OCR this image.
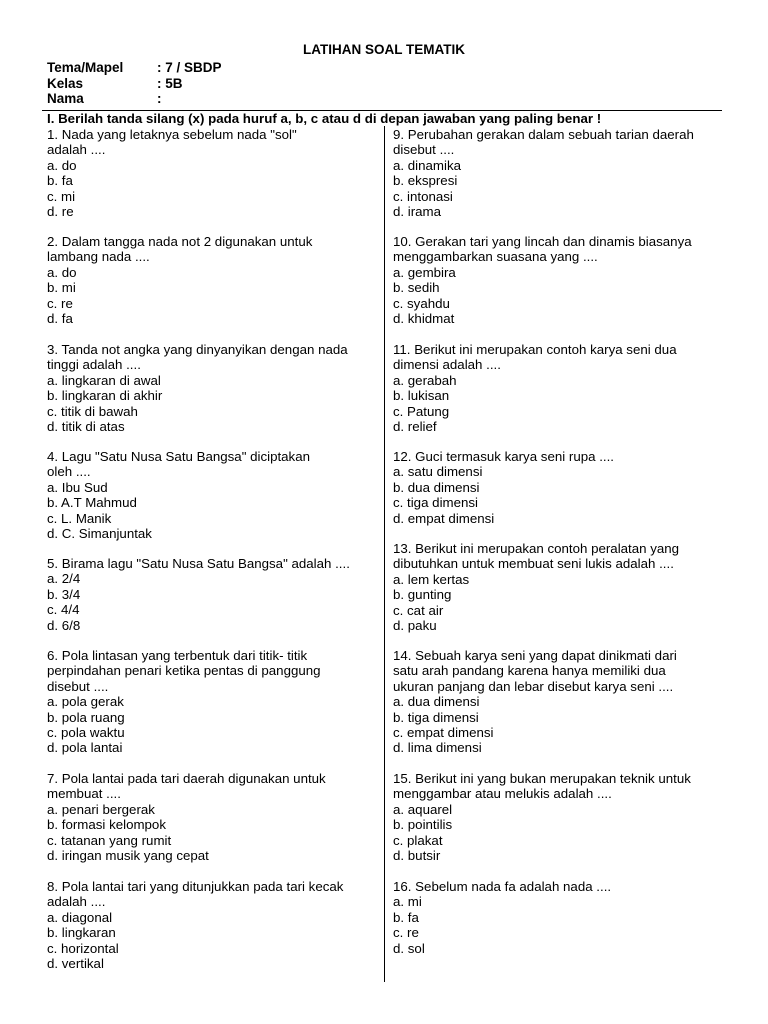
LATIHAN SOAL TEMATIK
Tema/Mapel : 7 / SBDP
Kelas	: 5B
Nama	:
I. Berilah tanda silang (x) pada huruf a, b, c atau d di depan jawaban yang paling benar !

1. Nada yang letaknya sebelum nada "sol"

adalah ....

a. do

b. fa

c. mi

d. re

2. Dalam tangga nada not 2 digunakan untuk

lambang nada ....

a. do

b. mi

c. re

d. fa

3. Tanda not angka yang dinyanyikan dengan nada

tinggi adalah ....

a. lingkaran di awal

b. lingkaran di akhir

c. titik di bawah

d. titik di atas

4. Lagu "Satu Nusa Satu Bangsa" diciptakan

oleh ....

a. Ibu Sud

b. A.T Mahmud

c. L. Manik

d. C. Simanjuntak

5. Birama lagu "Satu Nusa Satu Bangsa" adalah ....

a. 2/4

b. 3/4

c. 4/4

d. 6/8

6. Pola lintasan yang terbentuk dari titik- titik

perpindahan penari ketika pentas di panggung

disebut ....

a. pola gerak

b. pola ruang

c. pola waktu

d. pola lantai

7. Pola lantai pada tari daerah digunakan untuk

membuat ....

a. penari bergerak

b. formasi kelompok

c. tatanan yang rumit

d. iringan musik yang cepat

8. Pola lantai tari yang ditunjukkan pada tari kecak

adalah ....

a. diagonal

b. lingkaran

c. horizontal

d. vertikal

9. Perubahan gerakan dalam sebuah tarian daerah

disebut ....

a. dinamika

b. ekspresi

c. intonasi

d. irama

10. Gerakan tari yang lincah dan dinamis biasanya

menggambarkan suasana yang ....

a. gembira

b. sedih

c. syahdu

d. khidmat

11. Berikut ini merupakan contoh karya seni dua

dimensi adalah ....

a. gerabah

b. lukisan

c. Patung

d. relief

12. Guci termasuk karya seni rupa ....

a. satu dimensi

b. dua dimensi

c. tiga dimensi

d. empat dimensi

13. Berikut ini merupakan contoh peralatan yang

dibutuhkan untuk membuat seni lukis adalah ....

a. lem kertas

b. gunting

c. cat air

d. paku

14. Sebuah karya seni yang dapat dinikmati dari

satu arah pandang karena hanya memiliki dua

ukuran panjang dan lebar disebut karya seni ....

a. dua dimensi

b. tiga dimensi

c. empat dimensi

d. lima dimensi

15. Berikut ini yang bukan merupakan teknik untuk

menggambar atau melukis adalah ....

a. aquarel

b. pointilis

c. plakat

d. butsir

16. Sebelum nada fa adalah nada ....

a. mi

b. fa

c. re

d. sol
